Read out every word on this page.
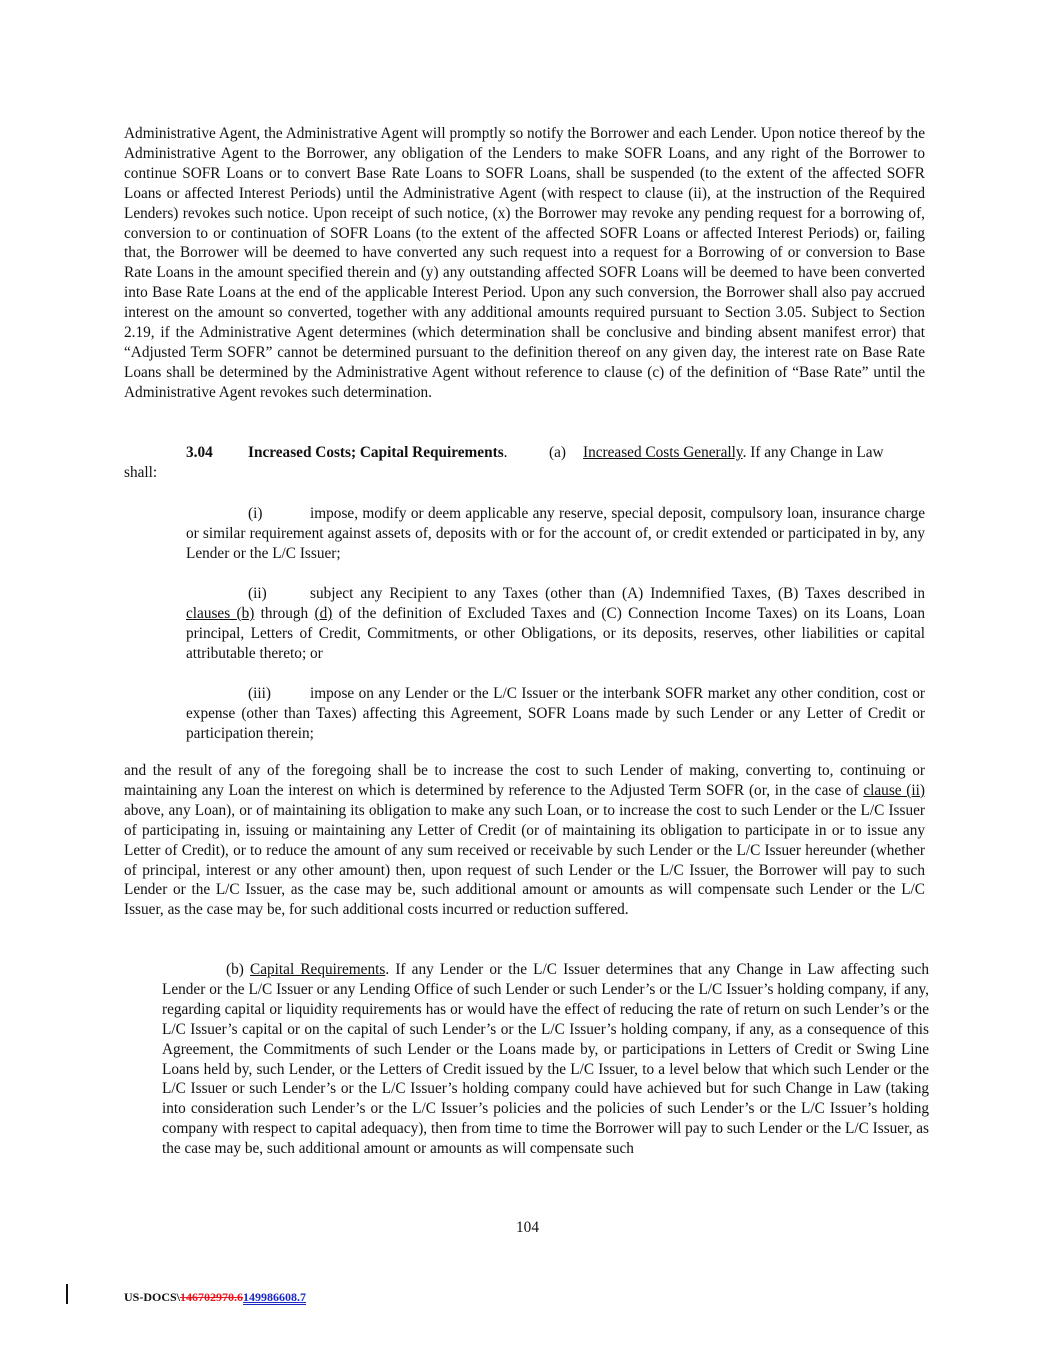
Administrative Agent, the Administrative Agent will promptly so notify the Borrower and each Lender. Upon notice thereof by the Administrative Agent to the Borrower, any obligation of the Lenders to make SOFR Loans, and any right of the Borrower to continue SOFR Loans or to convert Base Rate Loans to SOFR Loans, shall be suspended (to the extent of the affected SOFR Loans or affected Interest Periods) until the Administrative Agent (with respect to clause (ii), at the instruction of the Required Lenders) revokes such notice. Upon receipt of such notice, (x) the Borrower may revoke any pending request for a borrowing of, conversion to or continuation of SOFR Loans (to the extent of the affected SOFR Loans or affected Interest Periods) or, failing that, the Borrower will be deemed to have converted any such request into a request for a Borrowing of or conversion to Base Rate Loans in the amount specified therein and (y) any outstanding affected SOFR Loans will be deemed to have been converted into Base Rate Loans at the end of the applicable Interest Period. Upon any such conversion, the Borrower shall also pay accrued interest on the amount so converted, together with any additional amounts required pursuant to Section 3.05. Subject to Section 2.19, if the Administrative Agent determines (which determination shall be conclusive and binding absent manifest error) that “Adjusted Term SOFR” cannot be determined pursuant to the definition thereof on any given day, the interest rate on Base Rate Loans shall be determined by the Administrative Agent without reference to clause (c) of the definition of “Base Rate” until the Administrative Agent revokes such determination.

3.04 Increased Costs; Capital Requirements.	(a) Increased Costs Generally. If any Change in Law
shall:

(i)	impose, modify or deem applicable any reserve, special deposit, compulsory loan, insurance charge or similar requirement against assets of, deposits with or for the account of, or credit extended or participated in by, any Lender or the L/C Issuer;

(ii)	subject any Recipient to any Taxes (other than (A) Indemnified Taxes, (B) Taxes described in clauses (b) through (d) of the definition of Excluded Taxes and (C) Connection Income Taxes) on its Loans, Loan principal, Letters of Credit, Commitments, or other Obligations, or its deposits, reserves, other liabilities or capital attributable thereto; or

(iii)	impose on any Lender or the L/C Issuer or the interbank SOFR market any other condition, cost or expense (other than Taxes) affecting this Agreement, SOFR Loans made by such Lender or any Letter of Credit or participation therein;

and the result of any of the foregoing shall be to increase the cost to such Lender of making, converting to, continuing or maintaining any Loan the interest on which is determined by reference to the Adjusted Term SOFR (or, in the case of clause (ii) above, any Loan), or of maintaining its obligation to make any such Loan, or to increase the cost to such Lender or the L/C Issuer of participating in, issuing or maintaining any Letter of Credit (or of maintaining its obligation to participate in or to issue any Letter of Credit), or to reduce the amount of any sum received or receivable by such Lender or the L/C Issuer hereunder (whether of principal, interest or any other amount) then, upon request of such Lender or the L/C Issuer, the Borrower will pay to such Lender or the L/C Issuer, as the case may be, such additional amount or amounts as will compensate such Lender or the L/C Issuer, as the case may be, for such additional costs incurred or reduction suffered.

(b) Capital Requirements. If any Lender or the L/C Issuer determines that any Change in Law affecting such Lender or the L/C Issuer or any Lending Office of such Lender or such Lender’s or the L/C Issuer’s holding company, if any, regarding capital or liquidity requirements has or would have the effect of reducing the rate of return on such Lender’s or the L/C Issuer’s capital or on the capital of such Lender’s or the L/C Issuer’s holding company, if any, as a consequence of this Agreement, the Commitments of such Lender or the Loans made by, or participations in Letters of Credit or Swing Line Loans held by, such Lender, or the Letters of Credit issued by the L/C Issuer, to a level below that which such Lender or the L/C Issuer or such Lender’s or the L/C Issuer’s holding company could have achieved but for such Change in Law (taking into consideration such Lender’s or the L/C Issuer’s policies and the policies of such Lender’s or the L/C Issuer’s holding company with respect to capital adequacy), then from time to time the Borrower will pay to such Lender or the L/C Issuer, as the case may be, such additional amount or amounts as will compensate such

104
US-DOCS\146702970.6149986608.7
